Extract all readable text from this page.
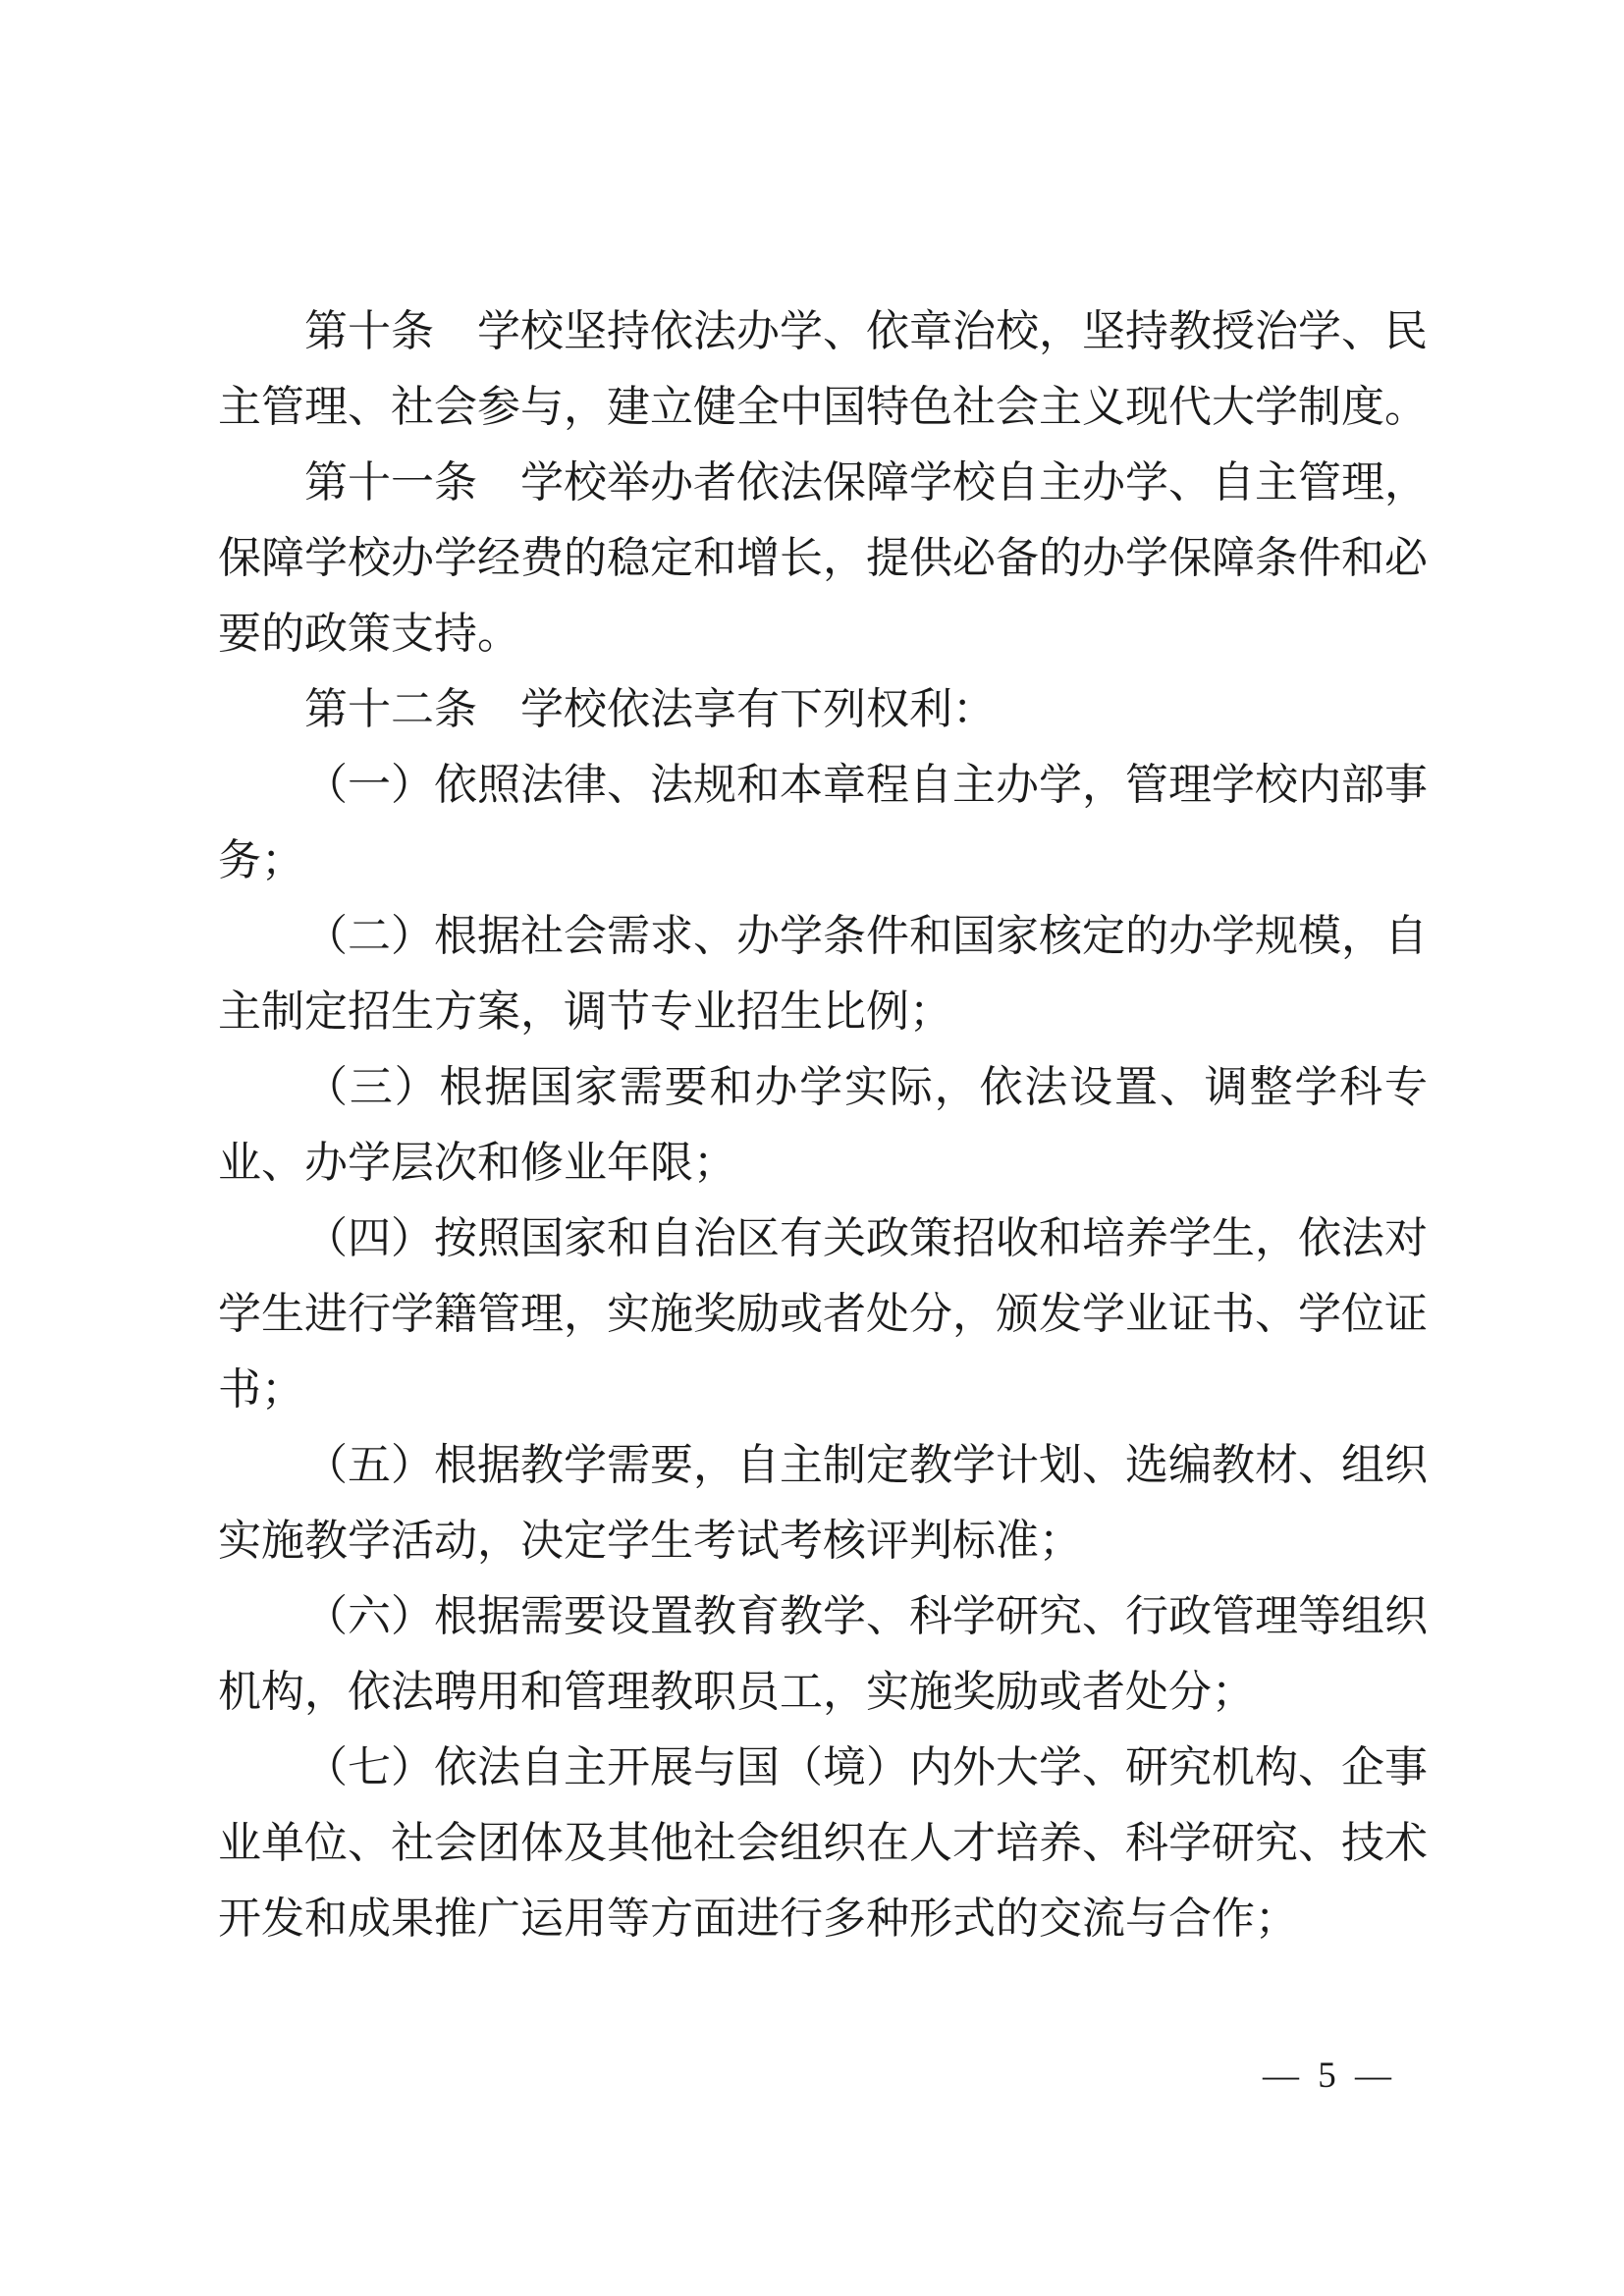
第十条　学校坚持依法办学、依章治校，坚持教授治学、民主管理、社会参与，建立健全中国特色社会主义现代大学制度。

第十一条　学校举办者依法保障学校自主办学、自主管理，保障学校办学经费的稳定和增长，提供必备的办学保障条件和必要的政策支持。

第十二条　学校依法享有下列权利：

（一）依照法律、法规和本章程自主办学，管理学校内部事务；

（二）根据社会需求、办学条件和国家核定的办学规模，自主制定招生方案，调节专业招生比例；

（三）根据国家需要和办学实际，依法设置、调整学科专业、办学层次和修业年限；

（四）按照国家和自治区有关政策招收和培养学生，依法对学生进行学籍管理，实施奖励或者处分，颁发学业证书、学位证书；

（五）根据教学需要，自主制定教学计划、选编教材、组织实施教学活动，决定学生考试考核评判标准；

（六）根据需要设置教育教学、科学研究、行政管理等组织机构，依法聘用和管理教职员工，实施奖励或者处分；

（七）依法自主开展与国（境）内外大学、研究机构、企事业单位、社会团体及其他社会组织在人才培养、科学研究、技术开发和成果推广运用等方面进行多种形式的交流与合作；

— 5 —
